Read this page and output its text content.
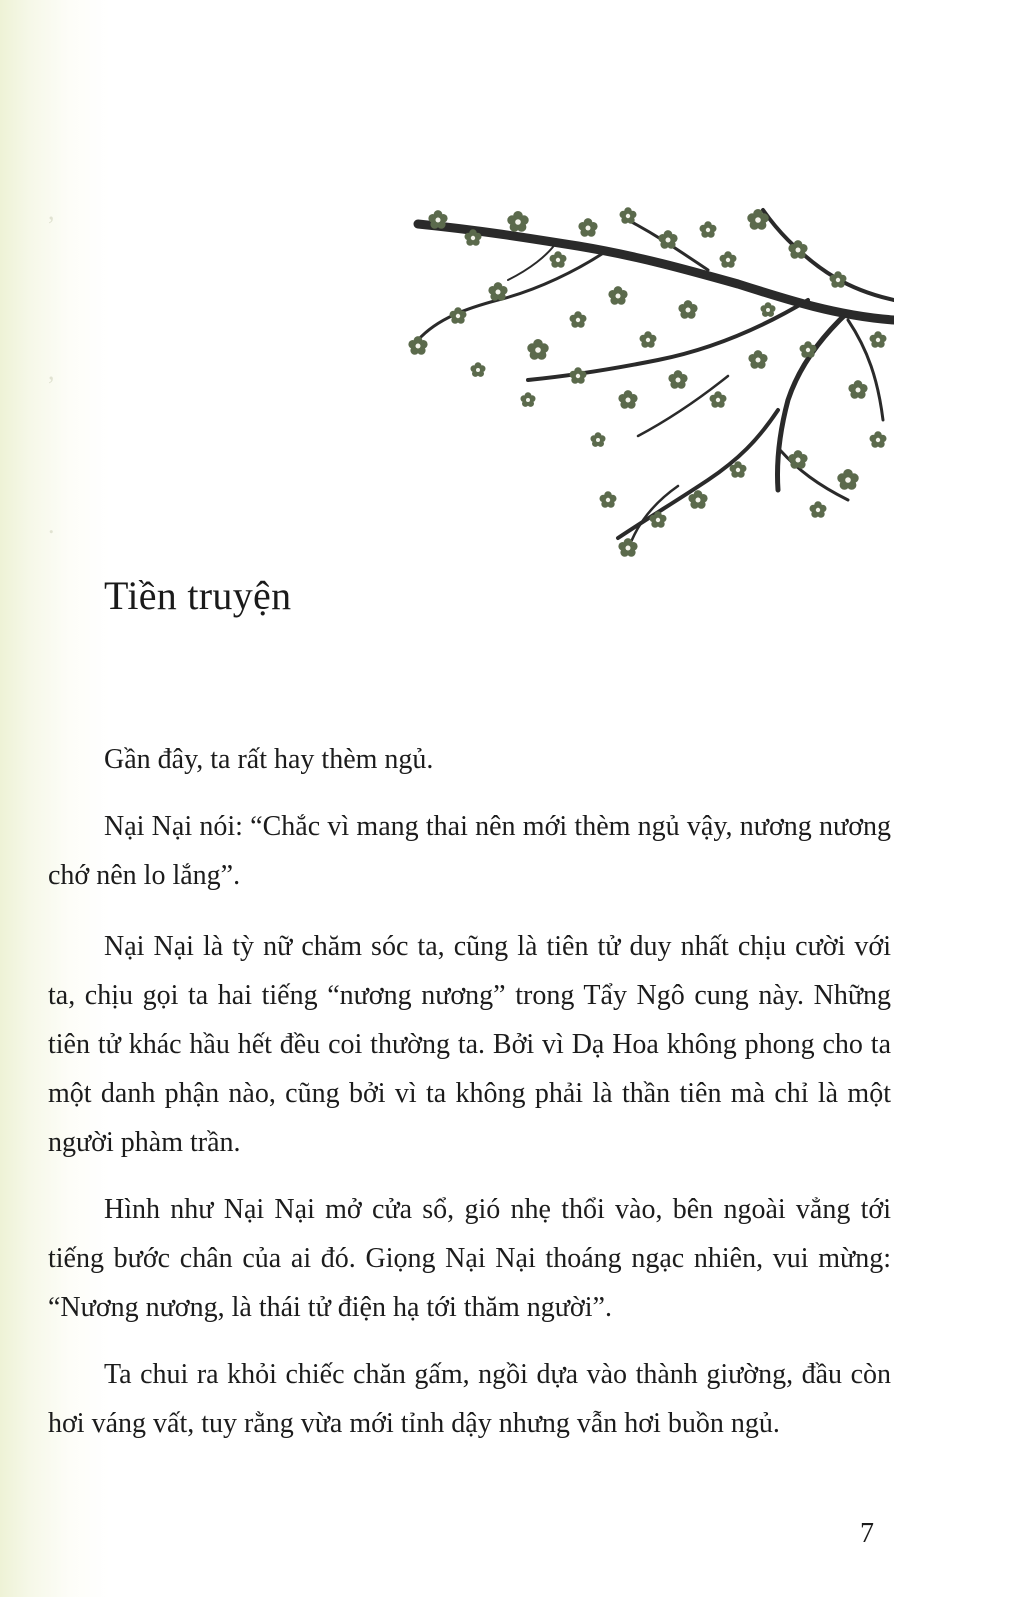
,
,
.
Tiền truyện

Gần đây, ta rất hay thèm ngủ.

Nại Nại nói: “Chắc vì mang thai nên mới thèm ngủ vậy, nương nương chớ nên lo lắng”.

Nại Nại là tỳ nữ chăm sóc ta, cũng là tiên tử duy nhất chịu cười với ta, chịu gọi ta hai tiếng “nương nương” trong Tẩy Ngô cung này. Những tiên tử khác hầu hết đều coi thường ta. Bởi vì Dạ Hoa không phong cho ta một danh phận nào, cũng bởi vì ta không phải là thần tiên mà chỉ là một người phàm trần.

Hình như Nại Nại mở cửa sổ, gió nhẹ thổi vào, bên ngoài vẳng tới tiếng bước chân của ai đó. Giọng Nại Nại thoáng ngạc nhiên, vui mừng: “Nương nương, là thái tử điện hạ tới thăm người”.

Ta chui ra khỏi chiếc chăn gấm, ngồi dựa vào thành giường, đầu còn hơi váng vất, tuy rằng vừa mới tỉnh dậy nhưng vẫn hơi buồn ngủ.

7
